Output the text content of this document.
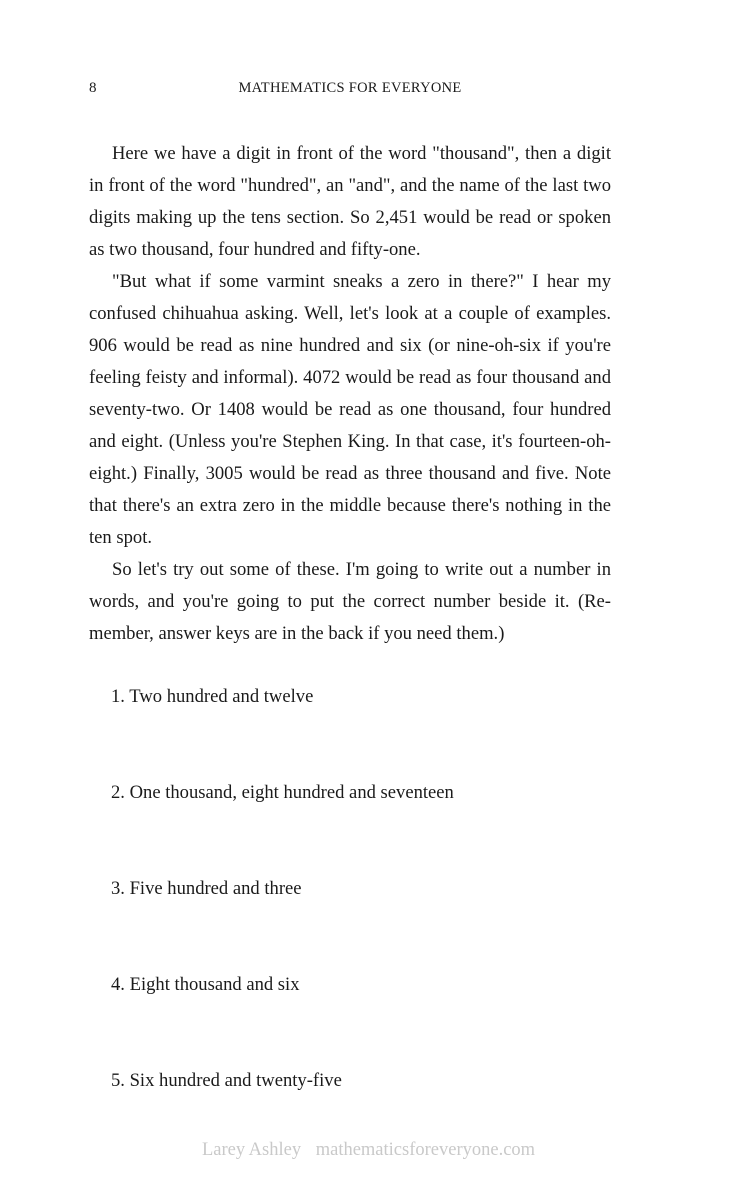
8	MATHEMATICS FOR EVERYONE

Here we have a digit in front of the word "thousand", then a digit in front of the word "hundred", an "and", and the name of the last two digits making up the tens section. So 2,451 would be read or spoken as two thousand, four hundred and fifty-one.

"But what if some varmint sneaks a zero in there?" I hear my confused chihuahua asking. Well, let's look at a couple of examples. 906 would be read as nine hundred and six (or nine-oh-six if you're feeling feisty and informal). 4072 would be read as four thousand and seventy-two. Or 1408 would be read as one thousand, four hundred and eight. (Unless you're Stephen King. In that case, it's fourteen-oh-eight.) Finally, 3005 would be read as three thousand and five. Note that there's an extra zero in the middle because there's nothing in the ten spot.

So let's try out some of these. I'm going to write out a number in words, and you're going to put the correct number beside it. (Re-member, answer keys are in the back if you need them.)

1. Two hundred and twelve
2. One thousand, eight hundred and seventeen
3. Five hundred and three
4. Eight thousand and six
5. Six hundred and twenty-five
Larey Ashley mathematicsforeveryone.com
